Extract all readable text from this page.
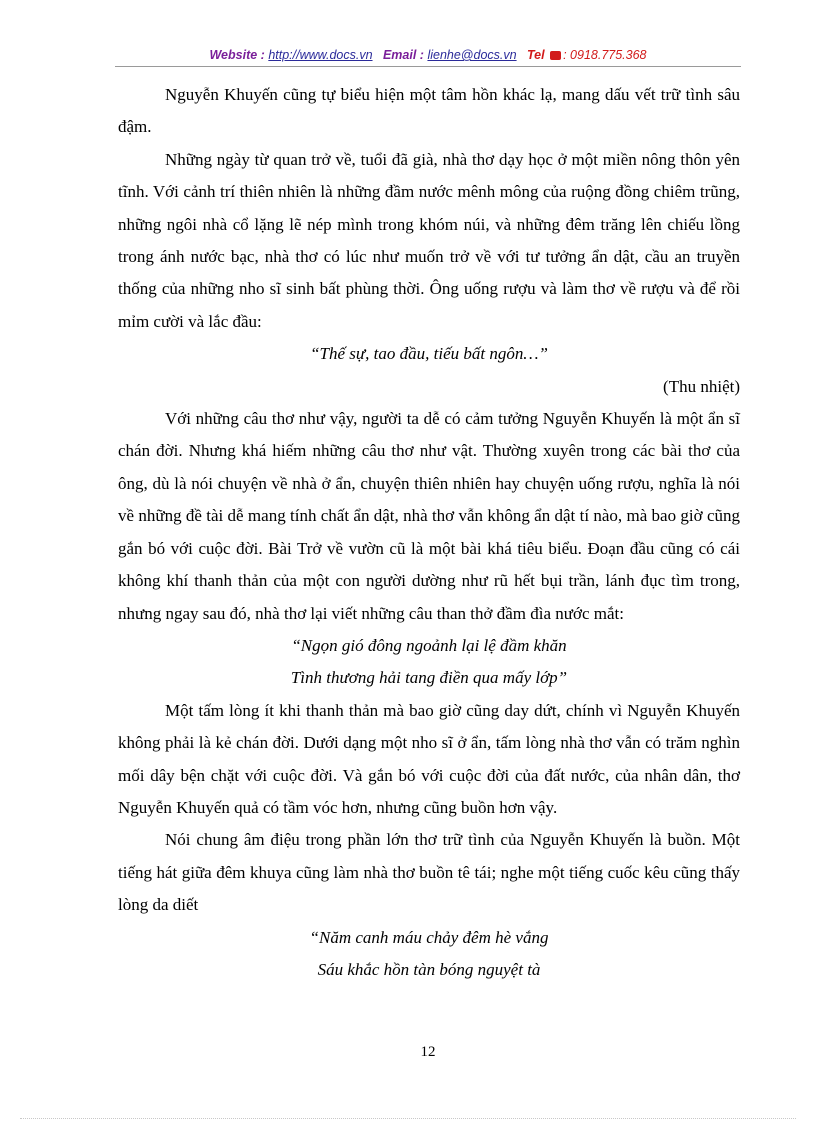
Website : http://www.docs.vn Email : lienhe@docs.vn Tel : 0918.775.368

Nguyễn Khuyến cũng tự biểu hiện một tâm hồn khác lạ, mang dấu vết trữ tình sâu đậm.

Những ngày từ quan trở về, tuổi đã già, nhà thơ dạy học ở một miền nông thôn yên tĩnh. Với cảnh trí thiên nhiên là những đầm nước mênh mông của ruộng đồng chiêm trũng, những ngôi nhà cổ lặng lẽ nép mình trong khóm núi, và những đêm trăng lên chiếu lồng trong ánh nước bạc, nhà thơ có lúc như muốn trở về với tư tưởng ẩn dật, cầu an truyền thống của những nho sĩ sinh bất phùng thời. Ông uống rượu và làm thơ về rượu và để rồi mỉm cười và lắc đầu:

“Thế sự, tao đầu, tiếu bất ngôn…”

(Thu nhiệt)

Với những câu thơ như vậy, người ta dễ có cảm tưởng Nguyễn Khuyến là một ẩn sĩ chán đời. Nhưng khá hiếm những câu thơ như vật. Thường xuyên trong các bài thơ của ông, dù là nói chuyện về nhà ở ẩn, chuyện thiên nhiên hay chuyện uống rượu, nghĩa là nói về những đề tài dễ mang tính chất ẩn dật, nhà thơ vẫn không ẩn dật tí nào, mà bao giờ cũng gắn bó với cuộc đời. Bài Trở về vườn cũ là một bài khá tiêu biểu. Đoạn đầu cũng có cái không khí thanh thản của một con người dường như rũ hết bụi trần, lánh đục tìm trong, nhưng ngay sau đó, nhà thơ lại viết những câu than thở đầm đìa nước mắt:

“Ngọn gió đông ngoảnh lại lệ đầm khăn

Tình thương hải tang điền qua mấy lớp”

Một tấm lòng ít khi thanh thản mà bao giờ cũng day dứt, chính vì Nguyễn Khuyến không phải là kẻ chán đời. Dưới dạng một nho sĩ ở ẩn, tấm lòng nhà thơ vẫn có trăm nghìn mối dây bện chặt với cuộc đời. Và gắn bó với cuộc đời của đất nước, của nhân dân, thơ Nguyễn Khuyến quả có tầm vóc hơn, nhưng cũng buồn hơn vậy.

Nói chung âm điệu trong phần lớn thơ trữ tình của Nguyễn Khuyến là buồn. Một tiếng hát giữa đêm khuya cũng làm nhà thơ buồn tê tái; nghe một tiếng cuốc kêu cũng thấy lòng da diết

“Năm canh máu chảy đêm hè vắng

Sáu khắc hồn tàn bóng nguyệt tà

12
